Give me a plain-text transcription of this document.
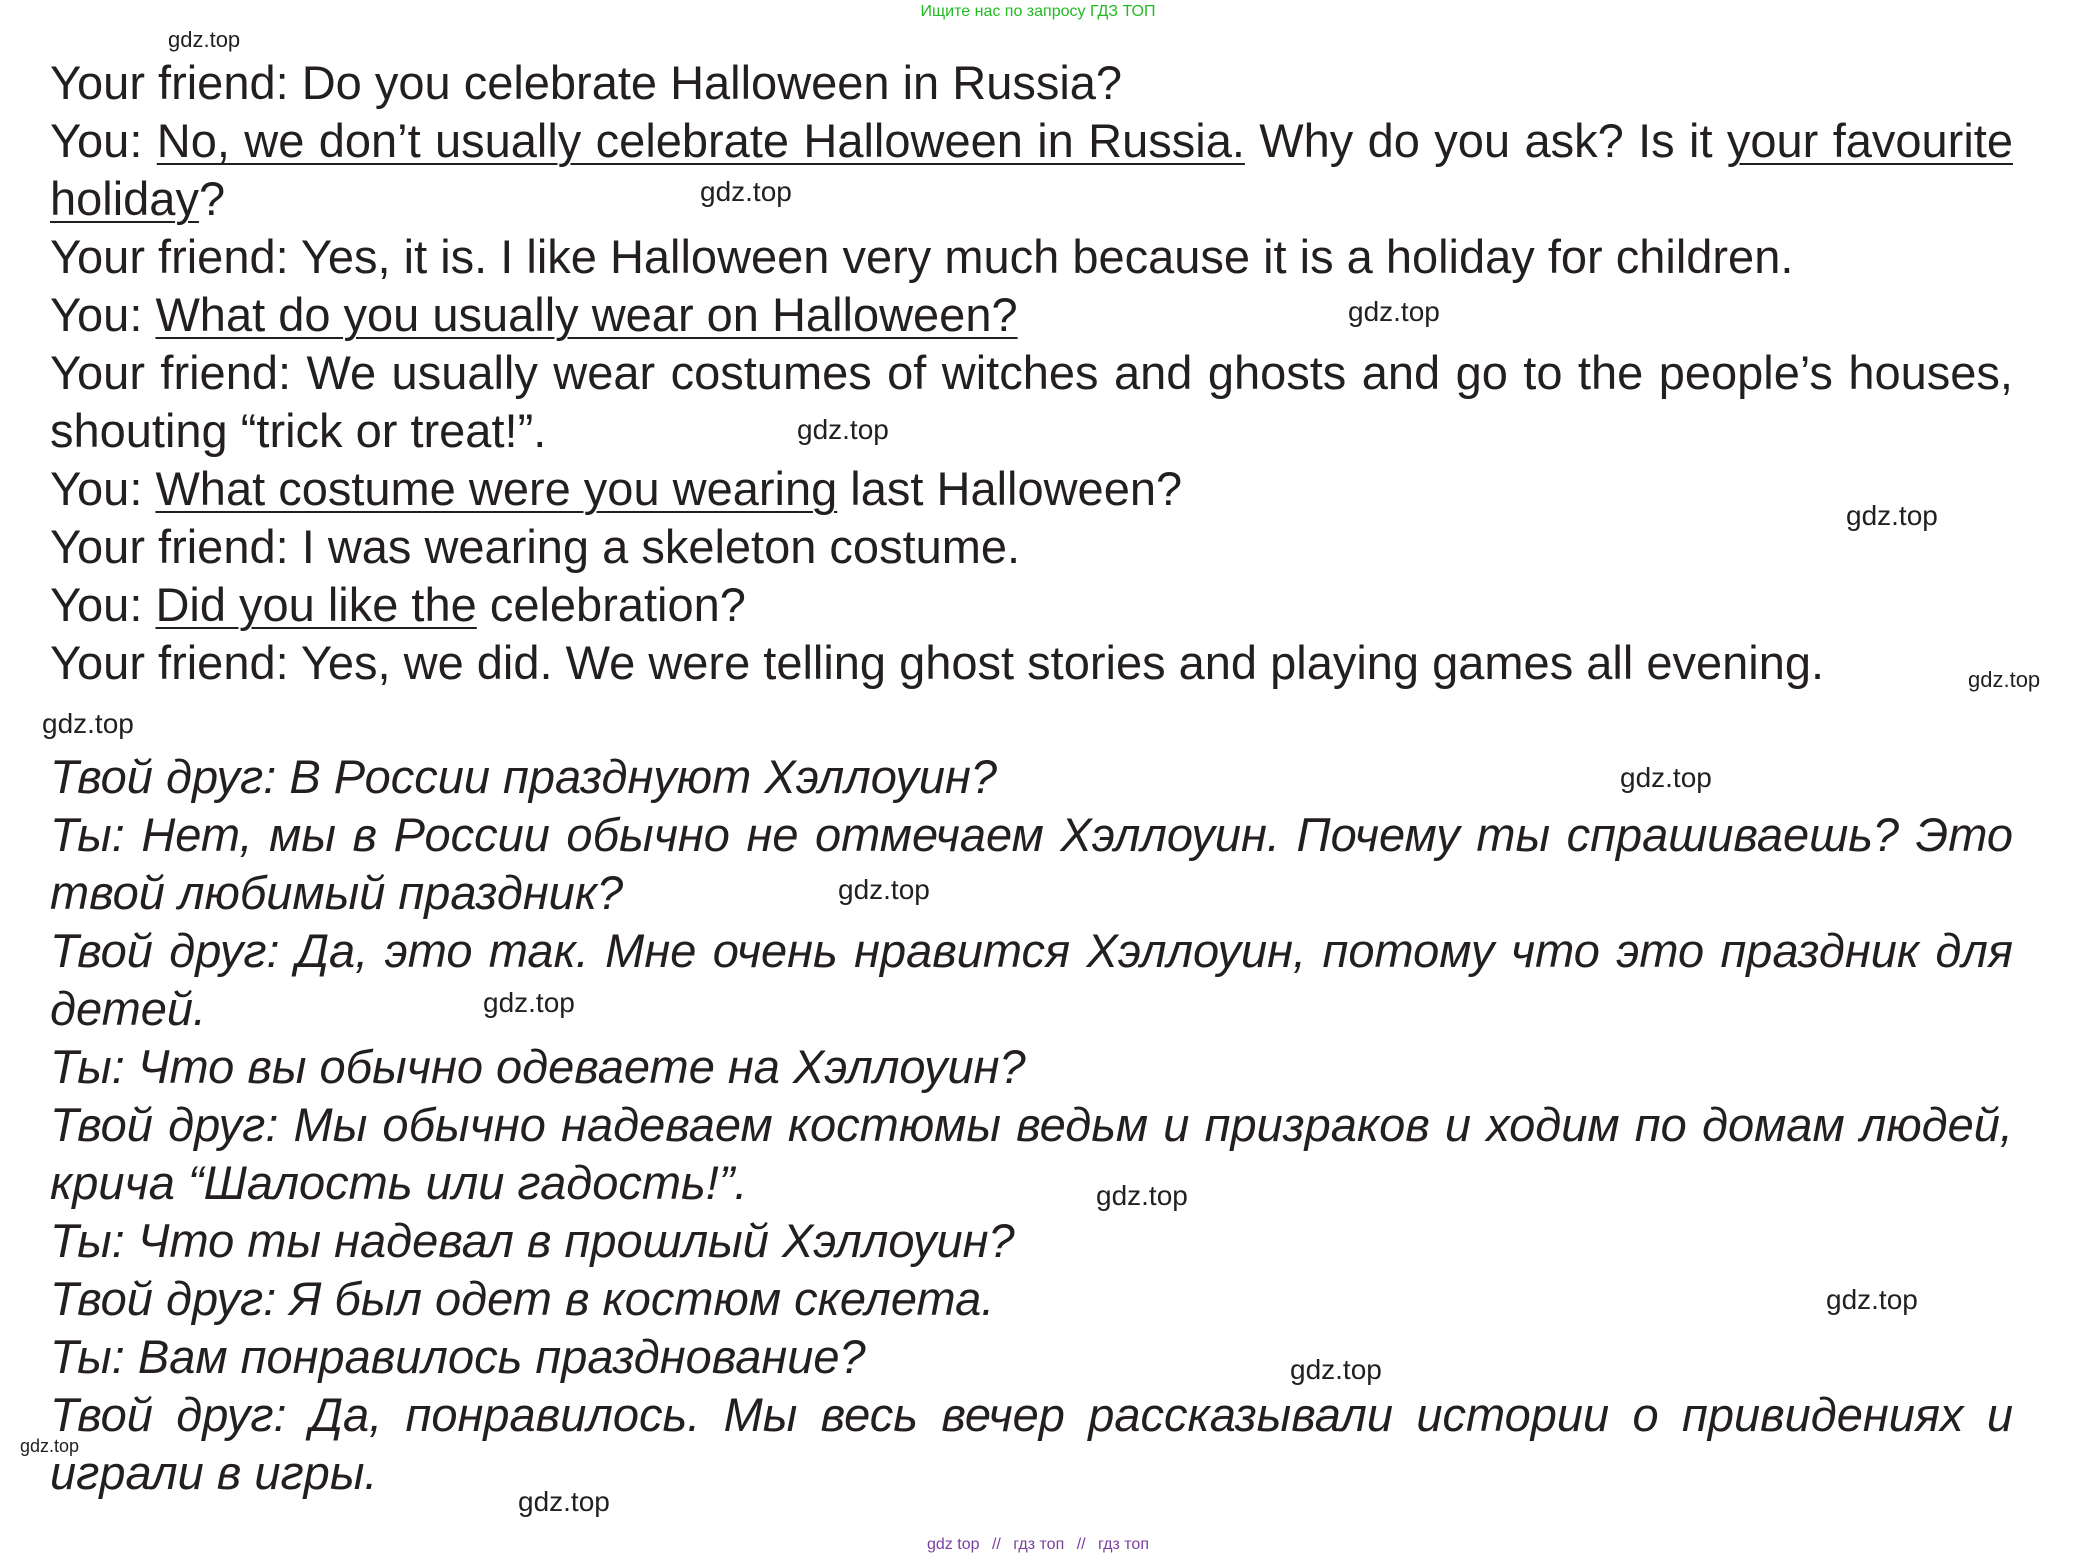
Ищите нас по запросу ГДЗ ТОП

Your friend: Do you celebrate Halloween in Russia?

You: No, we don’t usually celebrate Halloween in Russia. Why do you ask? Is it your favourite holiday?

Your friend: Yes, it is. I like Halloween very much because it is a holiday for children.

You: What do you usually wear on Halloween?

Your friend: We usually wear costumes of witches and ghosts and go to the people’s houses, shouting “trick or treat!”.

You: What costume were you wearing last Halloween?

Your friend: I was wearing a skeleton costume.

You: Did you like the celebration?

Your friend: Yes, we did. We were telling ghost stories and playing games all evening.

Твой друг: В России празднуют Хэллоуин?

Ты: Нет, мы в России обычно не отмечаем Хэллоуин. Почему ты спрашиваешь? Это твой любимый праздник?

Твой друг: Да, это так. Мне очень нравится Хэллоуин, потому что это праздник для детей.

Ты: Что вы обычно одеваете на Хэллоуин?

Твой друг: Мы обычно надеваем костюмы ведьм и призраков и ходим по домам людей, крича “Шалость или гадость!”.

Ты: Что ты надевал в прошлый Хэллоуин?

Твой друг: Я был одет в костюм скелета.

Ты: Вам понравилось празднование?

Твой друг: Да, понравилось. Мы весь вечер рассказывали истории о привидениях и играли в игры.

gdz.top
gdz.top
gdz.top
gdz.top
gdz.top
gdz.top
gdz.top
gdz.top
gdz.top
gdz.top
gdz.top
gdz.top
gdz.top
gdz.top
gdz.top
gdz top // гдз топ // гдз топ
